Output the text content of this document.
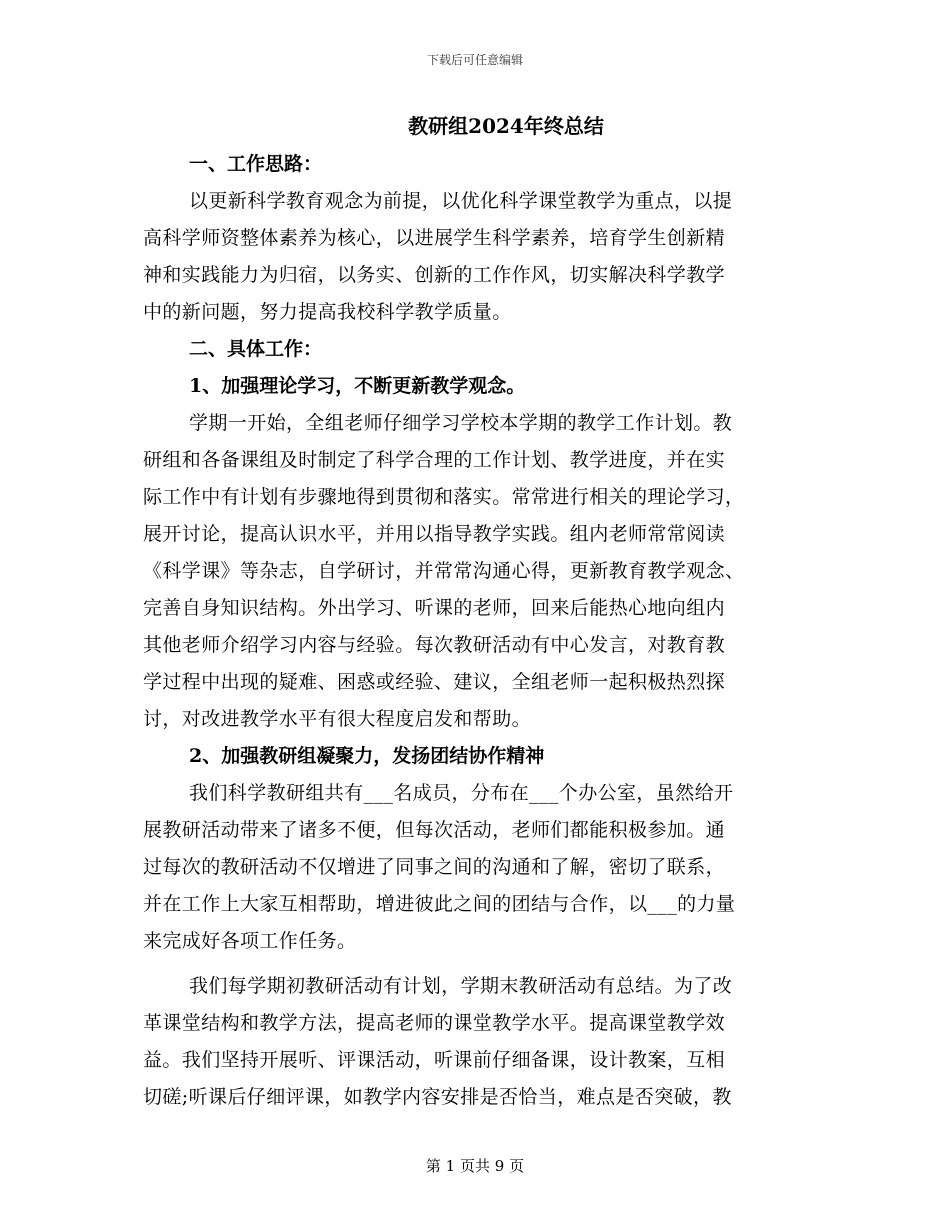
下载后可任意编辑
教研组2024年终总结
一、工作思路：
以更新科学教育观念为前提，以优化科学课堂教学为重点，以提
高科学师资整体素养为核心，以进展学生科学素养，培育学生创新精
神和实践能力为归宿，以务实、创新的工作作风，切实解决科学教学
中的新问题，努力提高我校科学教学质量。
二、具体工作：
1、加强理论学习，不断更新教学观念。
学期一开始，全组老师仔细学习学校本学期的教学工作计划。教
研组和各备课组及时制定了科学合理的工作计划、教学进度，并在实
际工作中有计划有步骤地得到贯彻和落实。常常进行相关的理论学习，
展开讨论，提高认识水平，并用以指导教学实践。组内老师常常阅读
《科学课》等杂志，自学研讨，并常常沟通心得，更新教育教学观念、
完善自身知识结构。外出学习、听课的老师，回来后能热心地向组内
其他老师介绍学习内容与经验。每次教研活动有中心发言，对教育教
学过程中出现的疑难、困惑或经验、建议，全组老师一起积极热烈探
讨，对改进教学水平有很大程度启发和帮助。
2、加强教研组凝聚力，发扬团结协作精神
我们科学教研组共有___名成员，分布在___个办公室，虽然给开
展教研活动带来了诸多不便，但每次活动，老师们都能积极参加。通
过每次的教研活动不仅增进了同事之间的沟通和了解，密切了联系，
并在工作上大家互相帮助，增进彼此之间的团结与合作，以___的力量
来完成好各项工作任务。
我们每学期初教研活动有计划，学期末教研活动有总结。为了改
革课堂结构和教学方法，提高老师的课堂教学水平。提高课堂教学效
益。我们坚持开展听、评课活动，听课前仔细备课，设计教案，互相
切磋;听课后仔细评课，如教学内容安排是否恰当，难点是否突破，教
第 1 页共 9 页
